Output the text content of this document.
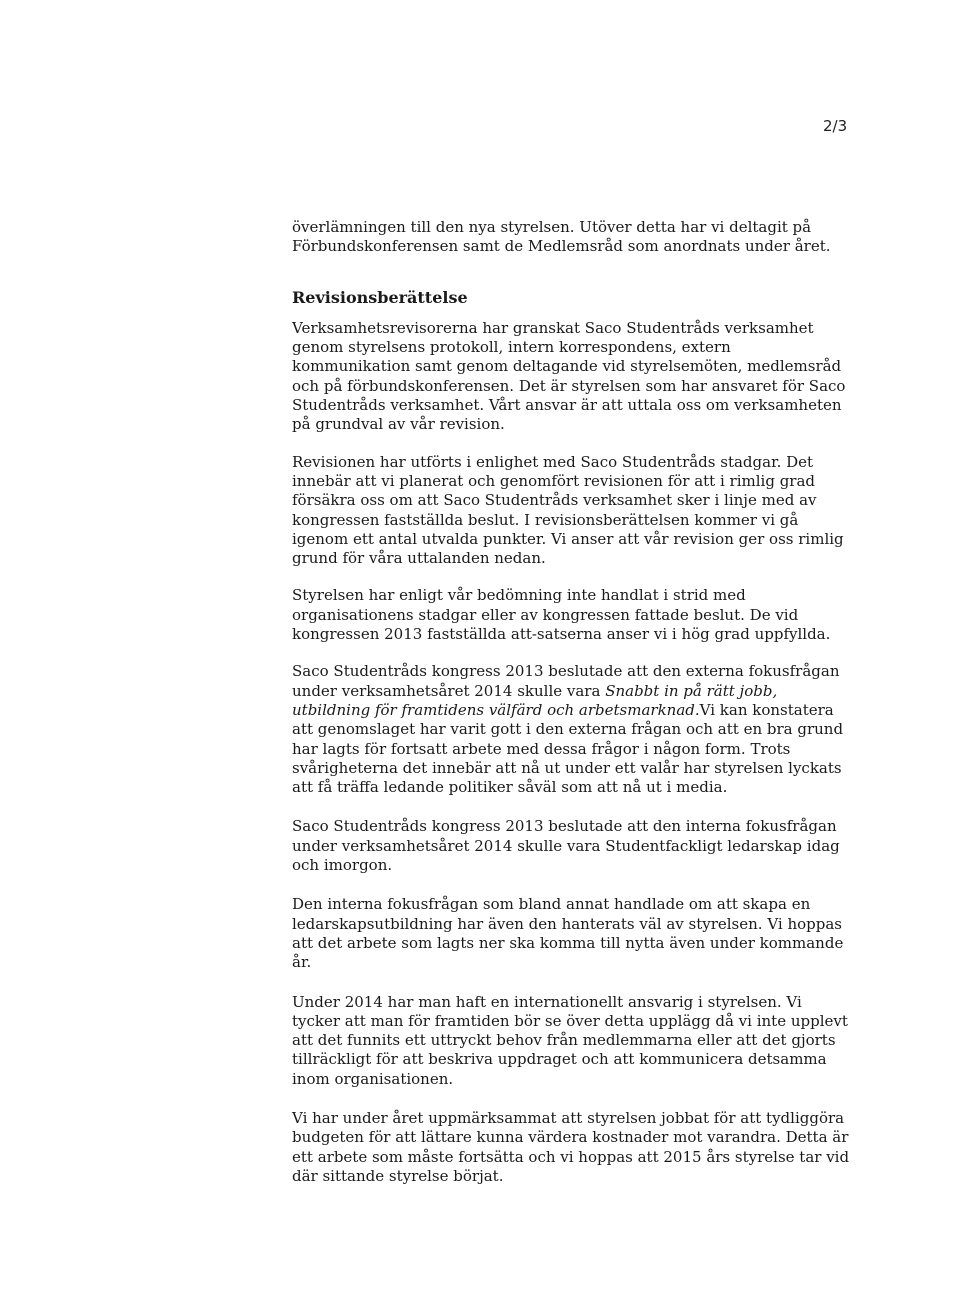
2/3

överlämningen till den nya styrelsen. Utöver detta har vi deltagit på Förbundskonferensen samt de Medlemsråd som anordnats under året.

Revisionsberättelse

Verksamhetsrevisorerna har granskat Saco Studentråds verksamhet genom styrelsens protokoll, intern korrespondens, extern kommunikation samt genom deltagande vid styrelsemöten, medlemsråd och på förbundskonferensen. Det är styrelsen som har ansvaret för Saco Studentråds verksamhet. Vårt ansvar är att uttala oss om verksamheten på grundval av vår revision.

Revisionen har utförts i enlighet med Saco Studentråds stadgar. Det innebär att vi planerat och genomfört revisionen för att i rimlig grad försäkra oss om att Saco Studentråds verksamhet sker i linje med av kongressen fastställda beslut. I revisionsberättelsen kommer vi gå igenom ett antal utvalda punkter. Vi anser att vår revision ger oss rimlig grund för våra uttalanden nedan.

Styrelsen har enligt vår bedömning inte handlat i strid med organisationens stadgar eller av kongressen fattade beslut. De vid kongressen 2013 fastställda att-satserna anser vi i hög grad uppfyllda.

Saco Studentråds kongress 2013 beslutade att den externa fokusfrågan under verksamhetsåret 2014 skulle vara Snabbt in på rätt jobb, utbildning för framtidens välfärd och arbetsmarknad.Vi kan konstatera att genomslaget har varit gott i den externa frågan och att en bra grund har lagts för fortsatt arbete med dessa frågor i någon form. Trots svårigheterna det innebär att nå ut under ett valår har styrelsen lyckats att få träffa ledande politiker såväl som att nå ut i media.

Saco Studentråds kongress 2013 beslutade att den interna fokusfrågan under verksamhetsåret 2014 skulle vara Studentfackligt ledarskap idag och imorgon.

Den interna fokusfrågan som bland annat handlade om att skapa en ledarskapsutbildning har även den hanterats väl av styrelsen. Vi hoppas att det arbete som lagts ner ska komma till nytta även under kommande år.

Under 2014 har man haft en internationellt ansvarig i styrelsen. Vi tycker att man för framtiden bör se över detta upplägg då vi inte upplevt att det funnits ett uttryckt behov från medlemmarna eller att det gjorts tillräckligt för att beskriva uppdraget och att kommunicera detsamma inom organisationen.

Vi har under året uppmärksammat att styrelsen jobbat för att tydliggöra budgeten för att lättare kunna värdera kostnader mot varandra. Detta är ett arbete som måste fortsätta och vi hoppas att 2015 års styrelse tar vid där sittande styrelse börjat.
